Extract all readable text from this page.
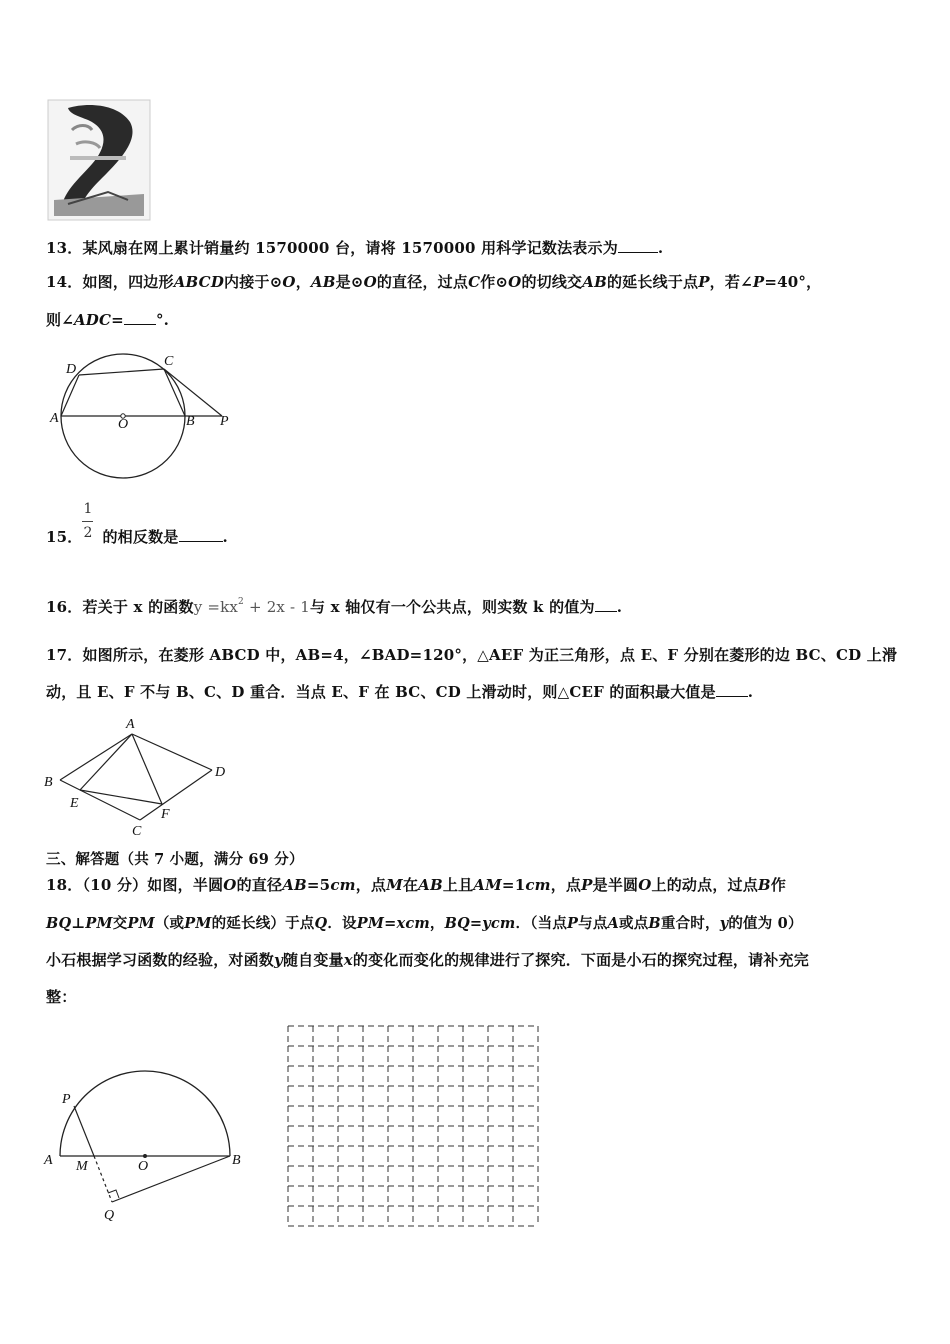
13．某风扇在网上累计销量约 1570000 台，请将 1570000 用科学记数法表示为	.
14．如图，四边形ABCD内接于⊙O，AB是⊙O的直径，过点C作⊙O的切线交AB的延长线于点P，若∠P=40°，
则∠ADC= °.
D
C
A	O	B P
1
2
15． 的相反数是	.
16．若关于 x 的函数$y =kx^2 + 2x - 1$与 x 轴仅有一个公共点，则实数 k 的值为 .
17．如图所示，在菱形 ABCD 中，AB=4，∠BAD=120°，△AEF 为正三角形，点 E、F 分别在菱形的边 BC、CD 上滑
动，且 E、F 不与 B、C、D 重合．当点 E、F 在 BC、CD 上滑动时，则△CEF 的面积最大值是 .
A
B
D
E
F
C
三、解答题（共 7 小题，满分 69 分）
18．（10 分）如图，半圆O的直径AB=5cm，点M在AB上且AM=1cm，点P是半圆O上的动点，过点B作
BQ⊥PM交PM（或PM的延长线）于点Q．设PM=xcm，BQ=ycm．（当点P与点A或点B重合时，y的值为 0）
小石根据学习函数的经验，对函数y随自变量x的变化而变化的规律进行了探究．下面是小石的探究过程，请补充完
整：
P
A M	O	B
Q
